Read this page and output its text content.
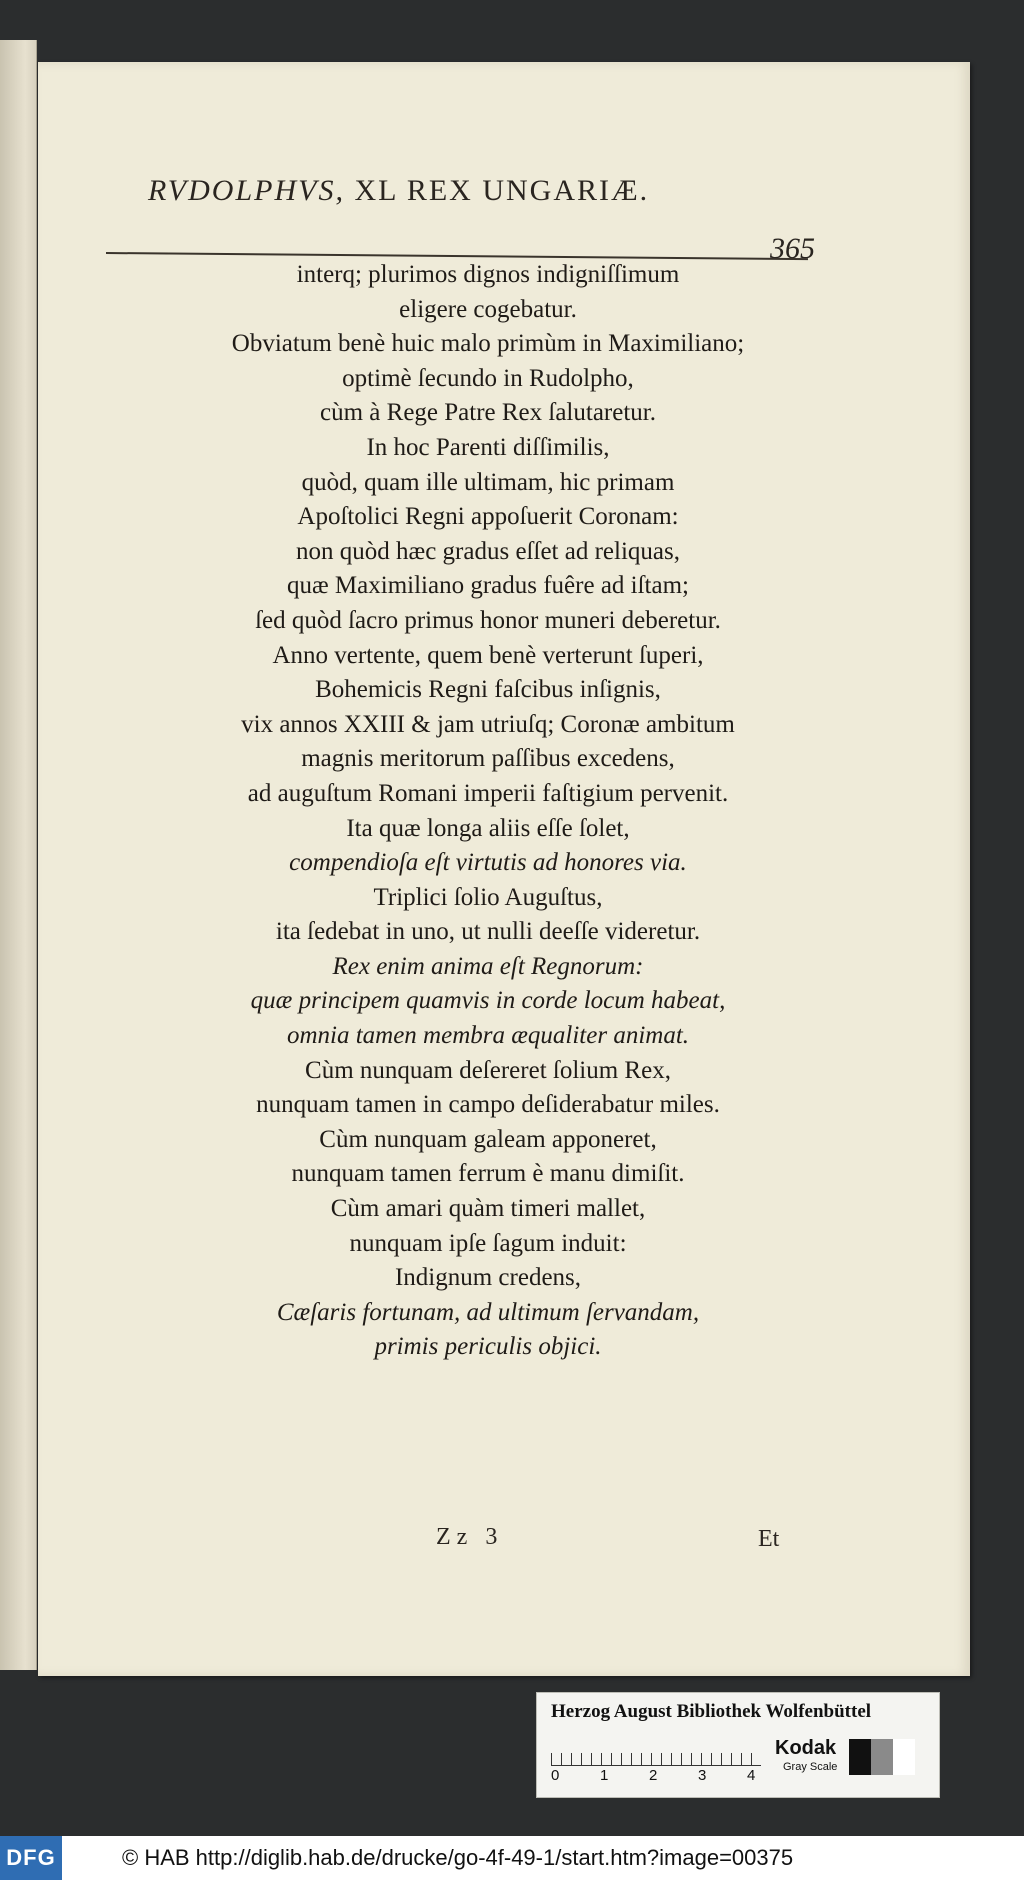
RVDOLPHVS, XL REX UNGARIÆ.
365
interq; plurimos dignos indigniſſimum
eligere cogebatur.
Obviatum benè huic malo primùm in Maximiliano;
optimè ſecundo in Rudolpho,
cùm à Rege Patre Rex ſalutaretur.
In hoc Parenti diſſimilis,
quòd, quam ille ultimam, hic primam
Apoſtolici Regni appoſuerit Coronam:
non quòd hæc gradus eſſet ad reliquas,
quæ Maximiliano gradus fuêre ad iſtam;
ſed quòd ſacro primus honor muneri deberetur.
Anno vertente, quem benè verterunt ſuperi,
Bohemicis Regni faſcibus inſignis,
vix annos XXIII & jam utriuſq; Coronæ ambitum
magnis meritorum paſſibus excedens,
ad auguſtum Romani imperii faſtigium pervenit.
Ita quæ longa aliis eſſe ſolet,
compendioſa eſt virtutis ad honores via.
Triplici ſolio Auguſtus,
ita ſedebat in uno, ut nulli deeſſe videretur.
Rex enim anima eſt Regnorum:
quæ principem quamvis in corde locum habeat,
omnia tamen membra æqualiter animat.
Cùm nunquam deſereret ſolium Rex,
nunquam tamen in campo deſiderabatur miles.
Cùm nunquam galeam apponeret,
nunquam tamen ferrum è manu dimiſit.
Cùm amari quàm timeri mallet,
nunquam ipſe ſagum induit:
Indignum credens,
Cæſaris fortunam, ad ultimum ſervandam,
primis periculis objici.
Zz 3	Et
Herzog August Bibliothek Wolfenbüttel
0	1	2	3	4
Kodak
Gray Scale
DFG	© HAB http://diglib.hab.de/drucke/go-4f-49-1/start.htm?image=00375
